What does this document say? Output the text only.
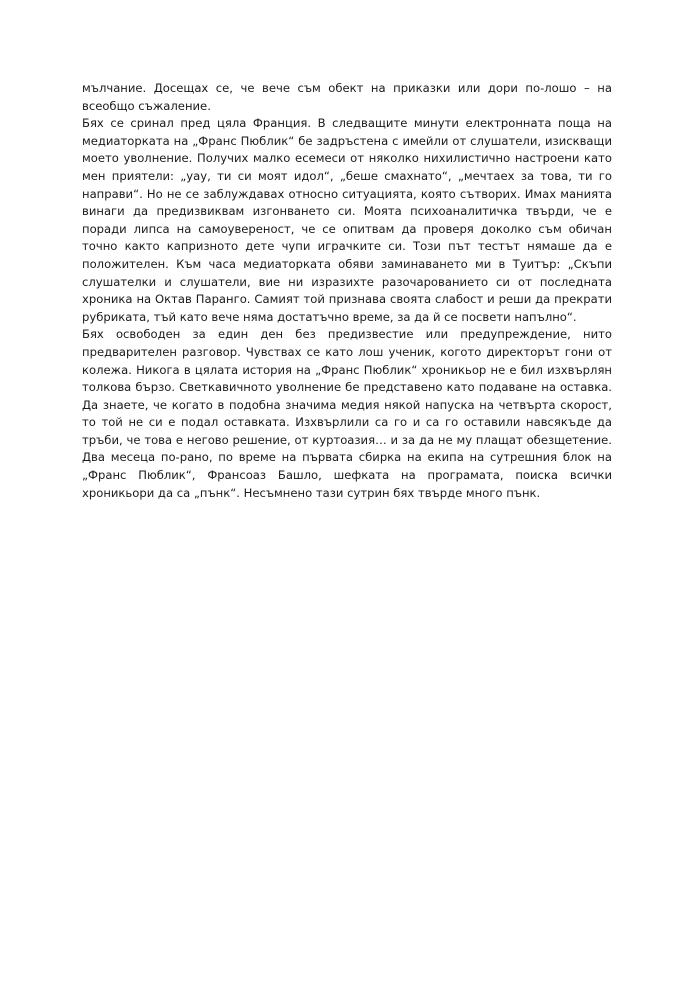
мълчание. Досещах се, че вече съм обект на приказки или дори по-лошо – на всеобщо съжаление.

Бях се сринал пред цяла Франция. В следващите минути електронната поща на медиаторката на „Франс Пюблик“ бе задръстена с имейли от слушатели, изискващи моето уволнение. Получих малко есемеси от няколко нихилистично настроени като мен приятели: „уау, ти си моят идол“, „беше смахнато“, „мечтаех за това, ти го направи“. Но не се заблуждавах относно ситуацията, която сътворих. Имах манията винаги да предизвиквам изгонването си. Моята психоаналитичка твърди, че е поради липса на самоувереност, че се опитвам да проверя доколко съм обичан точно както капризното дете чупи играчките си. Този път тестът нямаше да е положителен. Към часа медиаторката обяви заминаването ми в Туитър: „Скъпи слушателки и слушатели, вие ни изразихте разочарованието си от последната хроника на Октав Паранго. Самият той признава своята слабост и реши да прекрати рубриката, тъй като вече няма достатъчно време, за да й се посвети напълно“.

Бях освободен за един ден без предизвестие или предупреждение, нито предварителен разговор. Чувствах се като лош ученик, когото директорът гони от колежа. Никога в цялата история на „Франс Пюблик“ хроникьор не е бил изхвърлян толкова бързо. Светкавичното уволнение бе представено като подаване на оставка. Да знаете, че когато в подобна значима медия някой напуска на четвърта скорост, то той не си е подал оставката. Изхвърлили са го и са го оставили навсякъде да тръби, че това е негово решение, от куртоазия… и за да не му плащат обезщетение. Два месеца по-рано, по време на първата сбирка на екипа на сутрешния блок на „Франс Пюблик“, Франсоаз Башло, шефката на програмата, поиска всички хроникьори да са „пънк“. Несъмнено тази сутрин бях твърде много пънк.
